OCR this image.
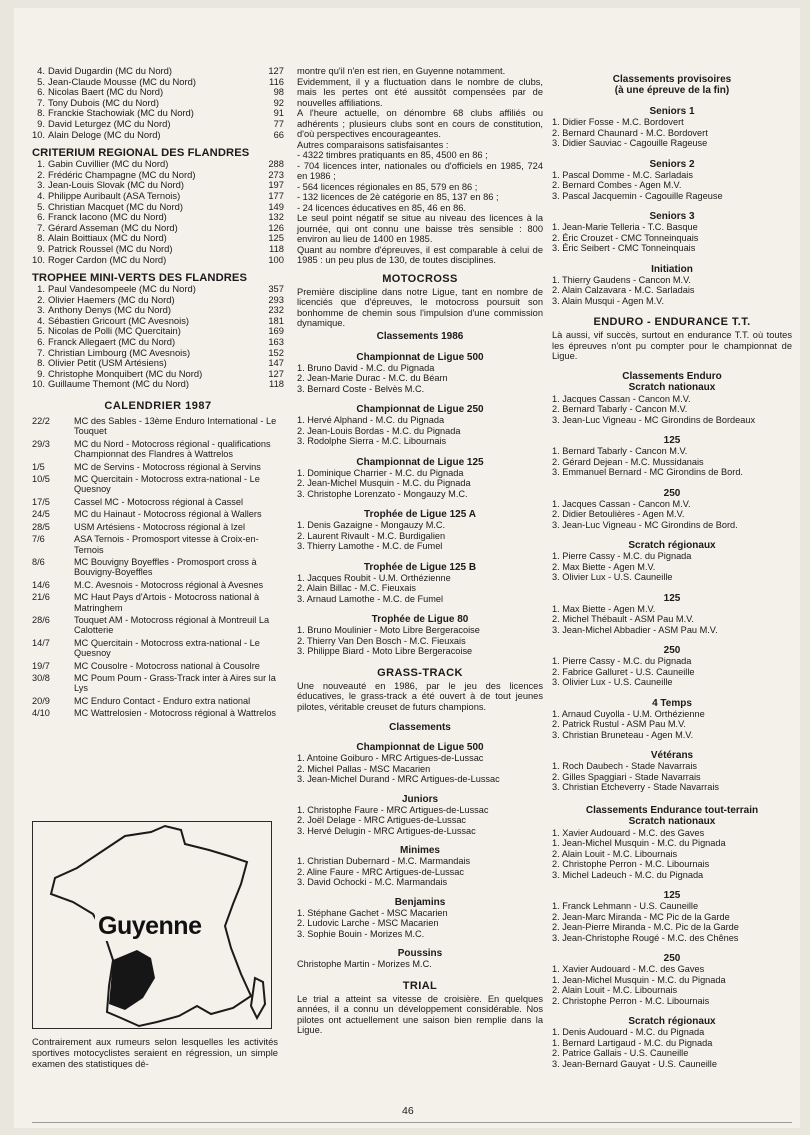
4. David Dugardin (MC du Nord)	127
5. Jean-Claude Mousse (MC du Nord)	116
6. Nicolas Baert (MC du Nord)	98
7. Tony Dubois (MC du Nord)	92
8. Franckie Stachowiak (MC du Nord)	91
9. David Leturgez (MC du Nord)	77
10. Alain Deloge (MC du Nord)	66
CRITERIUM REGIONAL DES FLANDRES
1. Gabin Cuvillier (MC du Nord)	288
2. Frédéric Champagne (MC du Nord)	273
3. Jean-Louis Slovak (MC du Nord)	197
4. Philippe Auribault (ASA Ternois)	177
5. Christian Macquet (MC du Nord)	149
6. Franck Iacono (MC du Nord)	132
7. Gérard Asseman (MC du Nord)	126
8. Alain Boittiaux (MC du Nord)	125
9. Patrick Roussel (MC du Nord)	118
10. Roger Cardon (MC du Nord)	100
TROPHEE MINI-VERTS DES FLANDRES
1. Paul Vandesompeele (MC du Nord)	357
2. Olivier Haemers (MC du Nord)	293
3. Anthony Denys (MC du Nord)	232
4. Sébastien Gricourt (MC Avesnois)	181
5. Nicolas de Polli (MC Quercitain)	169
6. Franck Allegaert (MC du Nord)	163
7. Christian Limbourg (MC Avesnois)	152
8. Olivier Petit (USM Artésiens)	147
9. Christophe Monquibert (MC du Nord)	127
10. Guillaume Themont (MC du Nord)	118
CALENDRIER 1987
22/2	MC des Sables - 13ème Enduro International - Le Touquet
29/3	MC du Nord - Motocross régional - qualifications Championnat des Flandres à Wattrelos
1/5	MC de Servins - Motocross régional à Servins
10/5	MC Quercitain - Motocross extra-national - Le Quesnoy
17/5	Cassel MC - Motocross régional à Cassel
24/5	MC du Hainaut - Motocross régional à Wallers
28/5	USM Artésiens - Motocross régional à Izel
7/6	ASA Ternois - Promosport vitesse à Croix-en-Ternois
8/6	MC Bouvigny Boyeffles - Promosport cross à Bouvigny-Boyeffles
14/6	M.C. Avesnois - Motocross régional à Avesnes
21/6	MC Haut Pays d'Artois - Motocross national à Matringhem
28/6	Touquet AM - Motocross régional à Montreuil La Calotterie
14/7	MC Quercitain - Motocross extra-national - Le Quesnoy
19/7	MC Cousolre - Motocross national à Cousolre
30/8	MC Poum Poum - Grass-Track inter à Aires sur la Lys
20/9	MC Enduro Contact - Enduro extra national
4/10	MC Wattrelosien - Motocross régional à Wattrelos
Guyenne
Contrairement aux rumeurs selon lesquelles les activités sportives motocyclistes seraient en régression, un simple examen des statistiques dé-
montre qu'il n'en est rien, en Guyenne notamment.
Evidemment, il y a fluctuation dans le nombre de clubs, mais les pertes ont été aussitôt compensées par de nouvelles affiliations.
A l'heure actuelle, on dénombre 68 clubs affiliés ou adhérents ; plusieurs clubs sont en cours de constitution, d'où perspectives encourageantes.
Autres comparaisons satisfaisantes :
- 4322 timbres pratiquants en 85, 4500 en 86 ;
- 704 licences inter, nationales ou d'officiels en 1985, 724 en 1986 ;
- 564 licences régionales en 85, 579 en 86 ;
- 132 licences de 2è catégorie en 85, 137 en 86 ;
- 24 licences éducatives en 85, 46 en 86.
Le seul point négatif se situe au niveau des licences à la journée, qui ont connu une baisse très sensible : 800 environ au lieu de 1400 en 1985.
Quant au nombre d'épreuves, il est comparable à celui de 1985 : un peu plus de 130, de toutes disciplines.
MOTOCROSS
Première discipline dans notre Ligue, tant en nombre de licenciés que d'épreuves, le motocross poursuit son bonhomme de chemin sous l'impulsion d'une commission dynamique.
Classements 1986
Championnat de Ligue 500
1. Bruno David - M.C. du Pignada
2. Jean-Marie Durac - M.C. du Béarn
3. Bernard Coste - Belvès M.C.
Championnat de Ligue 250
1. Hervé Alphand - M.C. du Pignada
2. Jean-Louis Bordas - M.C. du Pignada
3. Rodolphe Sierra - M.C. Libournais
Championnat de Ligue 125
1. Dominique Charrier - M.C. du Pignada
2. Jean-Michel Musquin - M.C. du Pignada
3. Christophe Lorenzato - Mongauzy M.C.
Trophée de Ligue 125 A
1. Denis Gazaigne - Mongauzy M.C.
2. Laurent Rivault - M.C. Burdigalien
3. Thierry Lamothe - M.C. de Fumel
Trophée de Ligue 125 B
1. Jacques Roubit - U.M. Orthézienne
2. Alain Billac - M.C. Fieuxais
3. Arnaud Lamothe - M.C. de Fumel
Trophée de Ligue 80
1. Bruno Moulinier - Moto Libre Bergeracoise
2. Thierry Van Den Bosch - M.C. Fieuxais
3. Philippe Biard - Moto Libre Bergeracoise
GRASS-TRACK
Une nouveauté en 1986, par le jeu des licences éducatives, le grass-track a été ouvert à de tout jeunes pilotes, véritable creuset de futurs champions.
Classements
Championnat de Ligue 500
1. Antoine Goiburo - MRC Artigues-de-Lussac
2. Michel Pallas - MSC Macarien
3. Jean-Michel Durand - MRC Artigues-de-Lussac
Juniors
1. Christophe Faure - MRC Artigues-de-Lussac
2. Joël Delage - MRC Artigues-de-Lussac
3. Hervé Delugin - MRC Artigues-de-Lussac
Minimes
1. Christian Dubernard - M.C. Marmandais
2. Aline Faure - MRC Artigues-de-Lussac
3. David Ochocki - M.C. Marmandais
Benjamins
1. Stéphane Gachet - MSC Macarien
2. Ludovic Larche - MSC Macarien
3. Sophie Bouin - Morizes M.C.
Poussins
Christophe Martin - Morizes M.C.
TRIAL
Le trial a atteint sa vitesse de croisière. En quelques années, il a connu un développement considérable. Nos pilotes ont actuellement une saison bien remplie dans la Ligue.
Classements provisoires
(à une épreuve de la fin)
Seniors 1
1. Didier Fosse - M.C. Bordovert
2. Bernard Chaunard - M.C. Bordovert
3. Didier Sauviac - Cagouille Rageuse
Seniors 2
1. Pascal Domme - M.C. Sarladais
2. Bernard Combes - Agen M.V.
3. Pascal Jacquemin - Cagouille Rageuse
Seniors 3
1. Jean-Marie Telleria - T.C. Basque
2. Éric Crouzet - CMC Tonneinquais
3. Éric Seibert - CMC Tonneinquais
Initiation
1. Thierry Gaudens - Cancon M.V.
2. Alain Calzavara - M.C. Sarladais
3. Alain Musqui - Agen M.V.
ENDURO - ENDURANCE T.T.
Là aussi, vif succès, surtout en endurance T.T. où toutes les épreuves n'ont pu compter pour le championnat de Ligue.
Classements Enduro
Scratch nationaux
1. Jacques Cassan - Cancon M.V.
2. Bernard Tabarly - Cancon M.V.
3. Jean-Luc Vigneau - MC Girondins de Bordeaux
125
1. Bernard Tabarly - Cancon M.V.
2. Gérard Dejean - M.C. Mussidanais
3. Emmanuel Bernard - MC Girondins de Bord.
250
1. Jacques Cassan - Cancon M.V.
2. Didier Betoulières - Agen M.V.
3. Jean-Luc Vigneau - MC Girondins de Bord.
Scratch régionaux
1. Pierre Cassy - M.C. du Pignada
2. Max Biette - Agen M.V.
3. Olivier Lux - U.S. Cauneille
125
1. Max Biette - Agen M.V.
2. Michel Thébault - ASM Pau M.V.
3. Jean-Michel Abbadier - ASM Pau M.V.
250
1. Pierre Cassy - M.C. du Pignada
2. Fabrice Galluret - U.S. Cauneille
3. Olivier Lux - U.S. Cauneille
4 Temps
1. Arnaud Cuyolla - U.M. Orthézienne
2. Patrick Rustul - ASM Pau M.V.
3. Christian Bruneteau - Agen M.V.
Vétérans
1. Roch Daubech - Stade Navarrais
2. Gilles Spaggiari - Stade Navarrais
3. Christian Etcheverry - Stade Navarrais
Classements Endurance tout-terrain
Scratch nationaux
1. Xavier Audouard - M.C. des Gaves
1. Jean-Michel Musquin - M.C. du Pignada
2. Alain Louit - M.C. Libournais
2. Christophe Perron - M.C. Libournais
3. Michel Ladeuch - M.C. du Pignada
125
1. Franck Lehmann - U.S. Cauneille
2. Jean-Marc Miranda - MC Pic de la Garde
2. Jean-Pierre Miranda - M.C. Pic de la Garde
3. Jean-Christophe Rougé - M.C. des Chênes
250
1. Xavier Audouard - M.C. des Gaves
1. Jean-Michel Musquin - M.C. du Pignada
2. Alain Louit - M.C. Libournais
2. Christophe Perron - M.C. Libournais
Scratch régionaux
1. Denis Audouard - M.C. du Pignada
1. Bernard Lartigaud - M.C. du Pignada
2. Patrice Gallais - U.S. Cauneille
3. Jean-Bernard Gauyat - U.S. Cauneille
46
